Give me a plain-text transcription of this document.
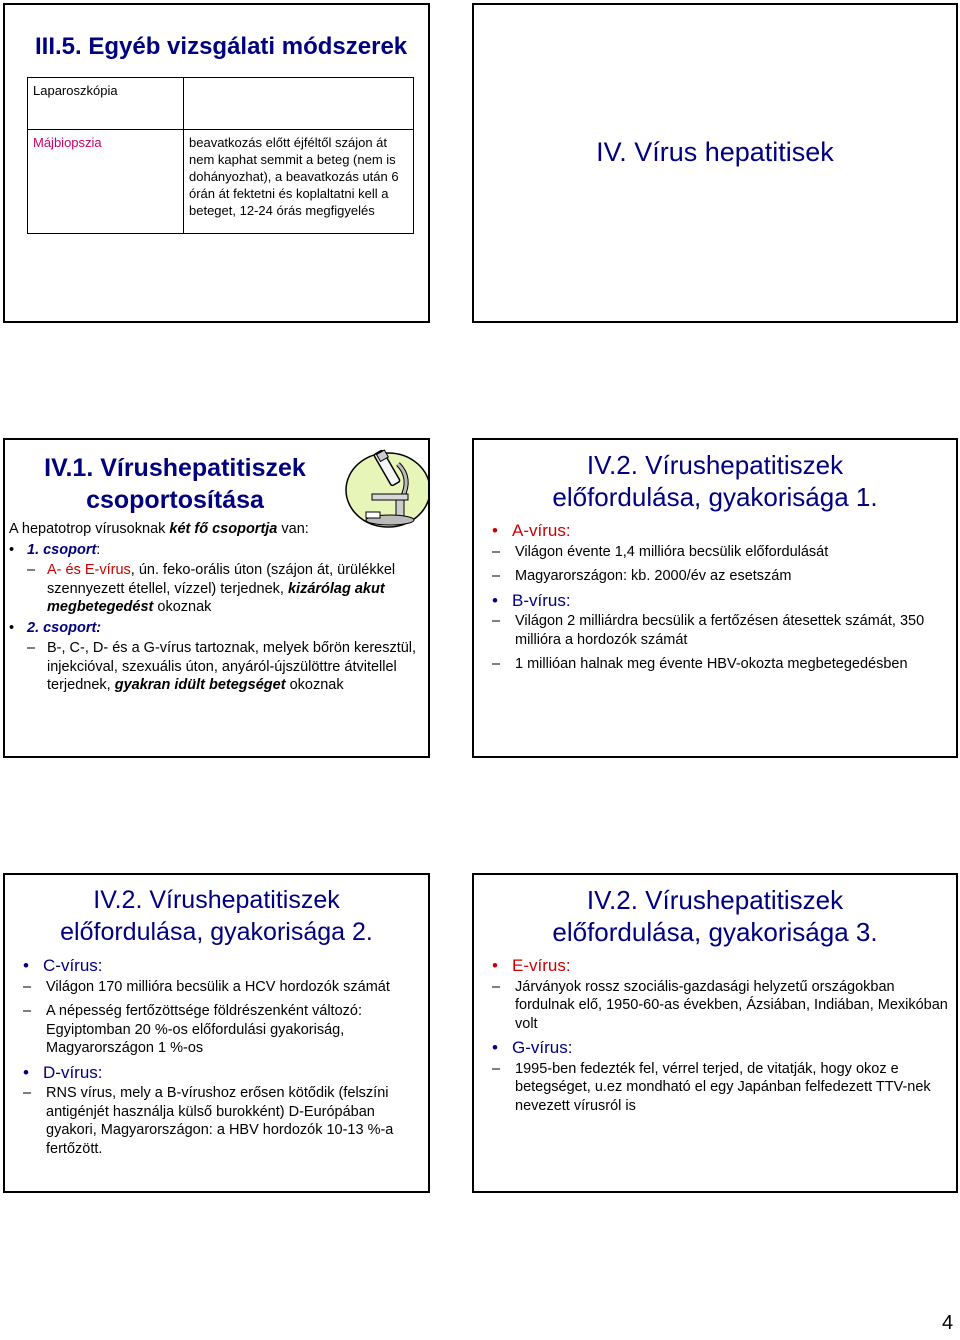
III.5. Egyéb vizsgálati módszerek
Laparoszkópia	
Májbiopszia	beavatkozás előtt éjféltől szájon át nem kaphat semmit a beteg (nem is dohányozhat), a beavatkozás után 6 órán át fektetni és koplaltatni kell a beteget, 12-24 órás megfigyelés
IV. Vírus hepatitisek
IV.1. Vírushepatitiszek
csoportosítása
A hepatotrop vírusoknak két fő csoportja van:
• 1. csoport:
– A- és E-vírus, ún. feko-orális úton (szájon át, ürülékkel szennyezett étellel, vízzel) terjednek, kizárólag akut megbetegedést okoznak
• 2. csoport:
– B-, C-, D- és a G-vírus tartoznak, melyek bőrön keresztül, injekcióval, szexuális úton, anyáról-újszülöttre átvitellel terjednek, gyakran idült betegséget okoznak
IV.2. Vírushepatitiszek
előfordulása, gyakorisága 1.
• A-vírus:
– Világon évente 1,4 millióra becsülik előfordulását
– Magyarországon: kb. 2000/év az esetszám
• B-vírus:
– Világon 2 milliárdra becsülik a fertőzésen átesettek számát, 350 millióra a hordozók számát
– 1 millióan halnak meg évente HBV-okozta megbetegedésben
IV.2. Vírushepatitiszek
előfordulása, gyakorisága 2.
• C-vírus:
– Világon 170 millióra becsülik a HCV hordozók számát
– A népesség fertőzöttsége földrészenként változó: Egyiptomban 20 %-os előfordulási gyakoriság, Magyarországon 1 %-os
• D-vírus:
– RNS vírus, mely a B-vírushoz erősen kötődik (felszíni antigénjét használja külső burokként) D-Európában gyakori, Magyarországon: a HBV hordozók 10-13 %-a fertőzött.
IV.2. Vírushepatitiszek
előfordulása, gyakorisága 3.
• E-vírus:
– Járványok rossz szociális-gazdasági helyzetű országokban fordulnak elő, 1950-60-as években, Ázsiában, Indiában, Mexikóban volt
• G-vírus:
– 1995-ben fedezték fel, vérrel terjed, de vitatják, hogy okoz e betegséget, u.ez mondható el egy Japánban felfedezett TTV-nek nevezett vírusról is
4
